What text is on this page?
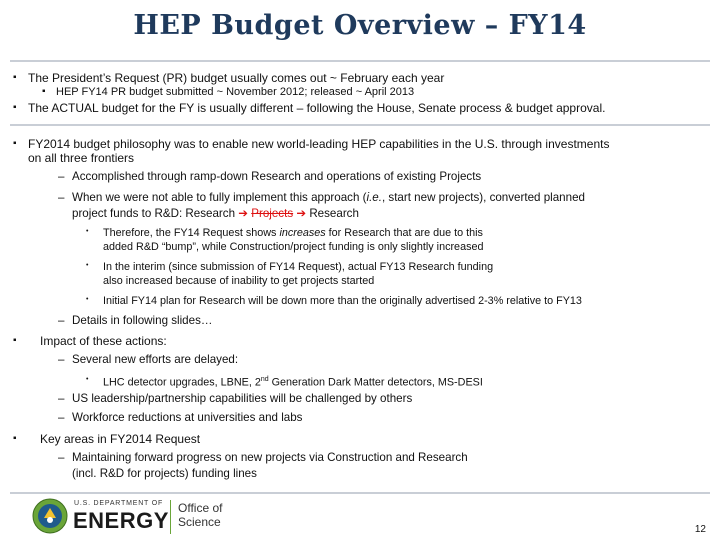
HEP Budget Overview – FY14
▪ The President’s Request (PR) budget usually comes out ~ February each year
▪ HEP FY14 PR budget submitted ~ November 2012; released ~ April 2013
▪ The ACTUAL budget for the FY is usually different – following the House, Senate process & budget approval.
▪ FY2014 budget philosophy was to enable new world-leading HEP capabilities in the U.S. through investments
on all three frontiers
– Accomplished through ramp-down Research and operations of existing Projects
– When we were not able to fully implement this approach (i.e., start new projects), converted planned
project funds to R&D: Research ➔ Projects ➔ Research
• Therefore, the FY14 Request shows increases for Research that are due to this
added R&D “bump”, while Construction/project funding is only slightly increased
• In the interim (since submission of FY14 Request), actual FY13 Research funding
also increased because of inability to get projects started
• Initial FY14 plan for Research will be down more than the originally advertised 2-3% relative to FY13
– Details in following slides…
▪ Impact of these actions:
– Several new efforts are delayed:
• LHC detector upgrades, LBNE, 2nd Generation Dark Matter detectors, MS-DESI
– US leadership/partnership capabilities will be challenged by others
– Workforce reductions at universities and labs
▪ Key areas in FY2014 Request
– Maintaining forward progress on new projects via Construction and Research
(incl. R&D for projects) funding lines
U.S. DEPARTMENT OF
ENERGY Office of
Science
12
